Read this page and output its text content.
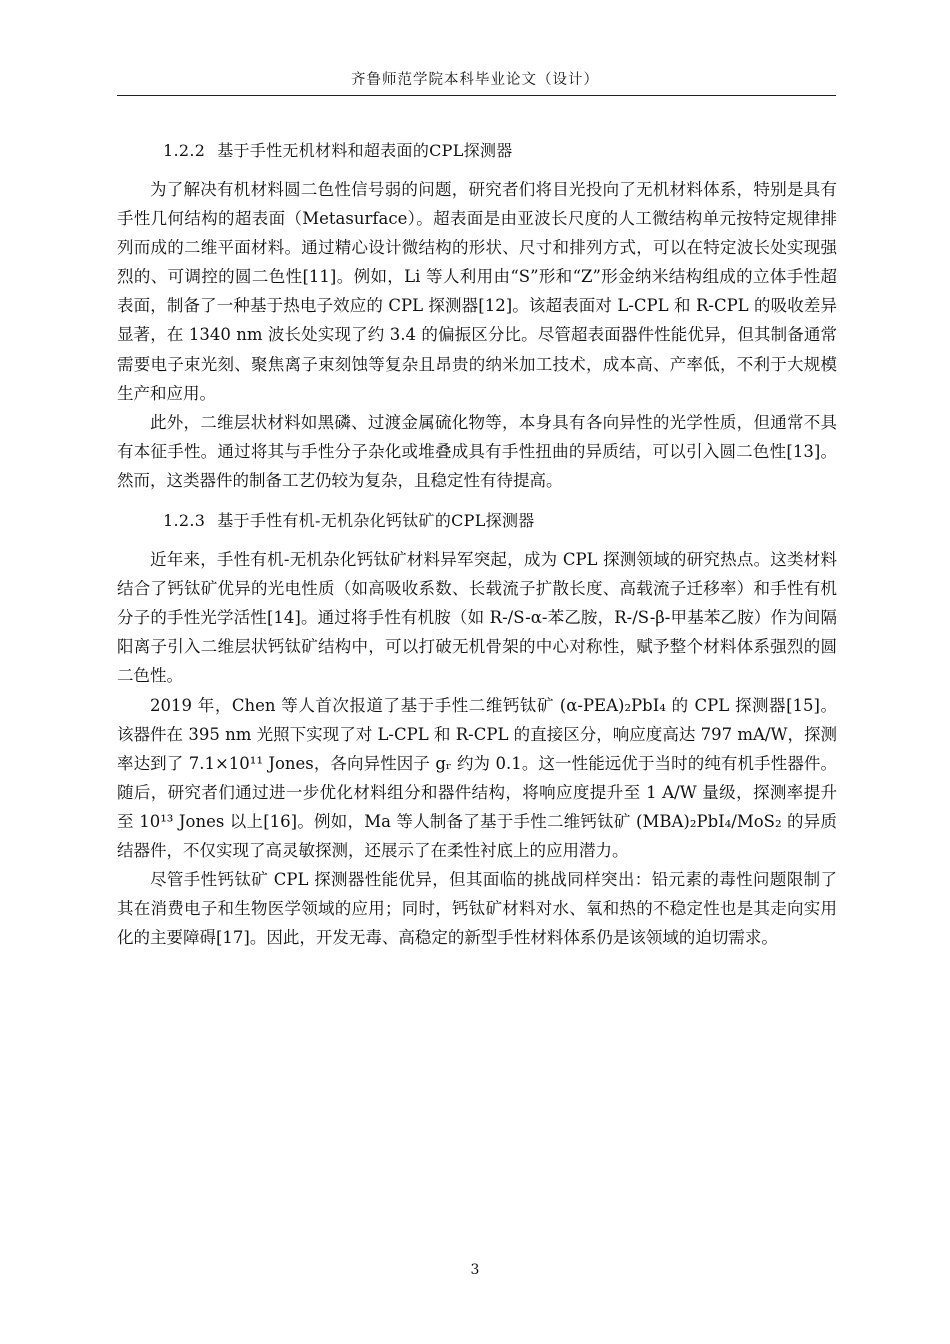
齐鲁师范学院本科毕业论文（设计）
1.2.2 基于手性无机材料和超表面的CPL探测器

为了解决有机材料圆二色性信号弱的问题，研究者们将目光投向了无机材料体系，特别是具有手性几何结构的超表面（Metasurface）。超表面是由亚波长尺度的人工微结构单元按特定规律排列而成的二维平面材料。通过精心设计微结构的形状、尺寸和排列方式，可以在特定波长处实现强烈的、可调控的圆二色性[11]。例如，Li 等人利用由“S”形和“Z”形金纳米结构组成的立体手性超表面，制备了一种基于热电子效应的 CPL 探测器[12]。该超表面对 L-CPL 和 R-CPL 的吸收差异显著，在 1340 nm 波长处实现了约 3.4 的偏振区分比。尽管超表面器件性能优异，但其制备通常需要电子束光刻、聚焦离子束刻蚀等复杂且昂贵的纳米加工技术，成本高、产率低，不利于大规模生产和应用。

此外，二维层状材料如黑磷、过渡金属硫化物等，本身具有各向异性的光学性质，但通常不具有本征手性。通过将其与手性分子杂化或堆叠成具有手性扭曲的异质结，可以引入圆二色性[13]。然而，这类器件的制备工艺仍较为复杂，且稳定性有待提高。

1.2.3 基于手性有机-无机杂化钙钛矿的CPL探测器

近年来，手性有机-无机杂化钙钛矿材料异军突起，成为 CPL 探测领域的研究热点。这类材料结合了钙钛矿优异的光电性质（如高吸收系数、长载流子扩散长度、高载流子迁移率）和手性有机分子的手性光学活性[14]。通过将手性有机胺（如 R-/S-α-苯乙胺，R-/S-β-甲基苯乙胺）作为间隔阳离子引入二维层状钙钛矿结构中，可以打破无机骨架的中心对称性，赋予整个材料体系强烈的圆二色性。

2019 年，Chen 等人首次报道了基于手性二维钙钛矿 (α-PEA)₂PbI₄ 的 CPL 探测器[15]。该器件在 395 nm 光照下实现了对 L-CPL 和 R-CPL 的直接区分，响应度高达 797 mA/W，探测率达到了 7.1×10¹¹ Jones，各向异性因子 gᵣ 约为 0.1。这一性能远优于当时的纯有机手性器件。随后，研究者们通过进一步优化材料组分和器件结构，将响应度提升至 1 A/W 量级，探测率提升至 10¹³ Jones 以上[16]。例如，Ma 等人制备了基于手性二维钙钛矿 (MBA)₂PbI₄/MoS₂ 的异质结器件，不仅实现了高灵敏探测，还展示了在柔性衬底上的应用潜力。

尽管手性钙钛矿 CPL 探测器性能优异，但其面临的挑战同样突出：铅元素的毒性问题限制了其在消费电子和生物医学领域的应用；同时，钙钛矿材料对水、氧和热的不稳定性也是其走向实用化的主要障碍[17]。因此，开发无毒、高稳定的新型手性材料体系仍是该领域的迫切需求。

3
